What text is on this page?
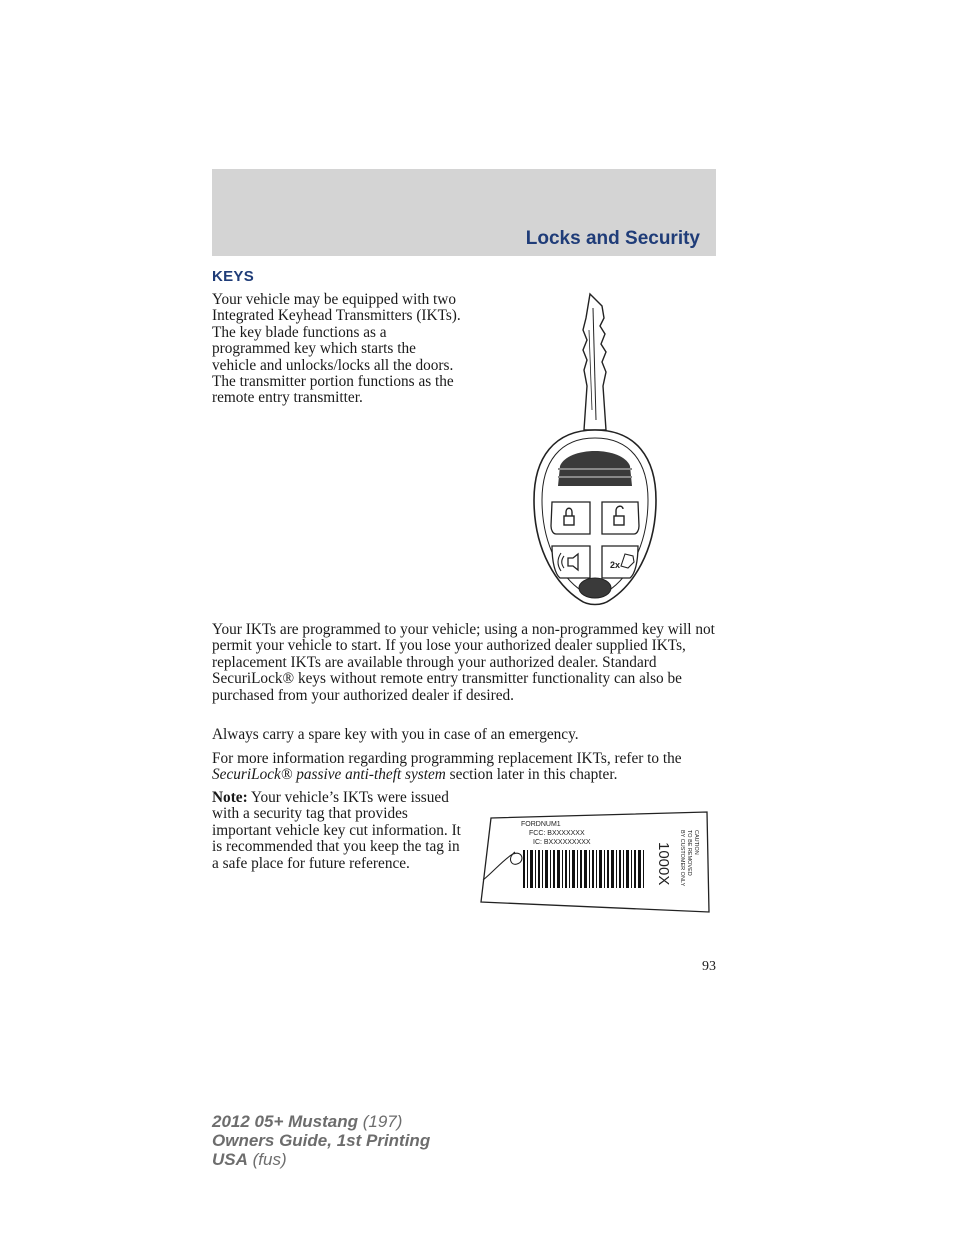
Locks and Security
KEYS

Your vehicle may be equipped with two Integrated Keyhead Transmitters (IKTs). The key blade functions as a programmed key which starts the vehicle and unlocks/locks all the doors. The transmitter portion functions as the remote entry transmitter.

2x

Your IKTs are programmed to your vehicle; using a non-programmed key will not permit your vehicle to start. If you lose your authorized dealer supplied IKTs, replacement IKTs are available through your authorized dealer. Standard SecuriLock® keys without remote entry transmitter functionality can also be purchased from your authorized dealer if desired.

Always carry a spare key with you in case of an emergency.

For more information regarding programming replacement IKTs, refer to the SecuriLock® passive anti-theft system section later in this chapter.

Note: Your vehicle’s IKTs were issued with a security tag that provides important vehicle key cut information. It is recommended that you keep the tag in a safe place for future reference.

FORDNUM1
FCC: BXXXXXXX
IC: BXXXXXXXXX	1000X	CAUTION
TO BE REMOVED
BY CUSTOMER ONLY

93

2012 05+ Mustang (197)
Owners Guide, 1st Printing
USA (fus)
